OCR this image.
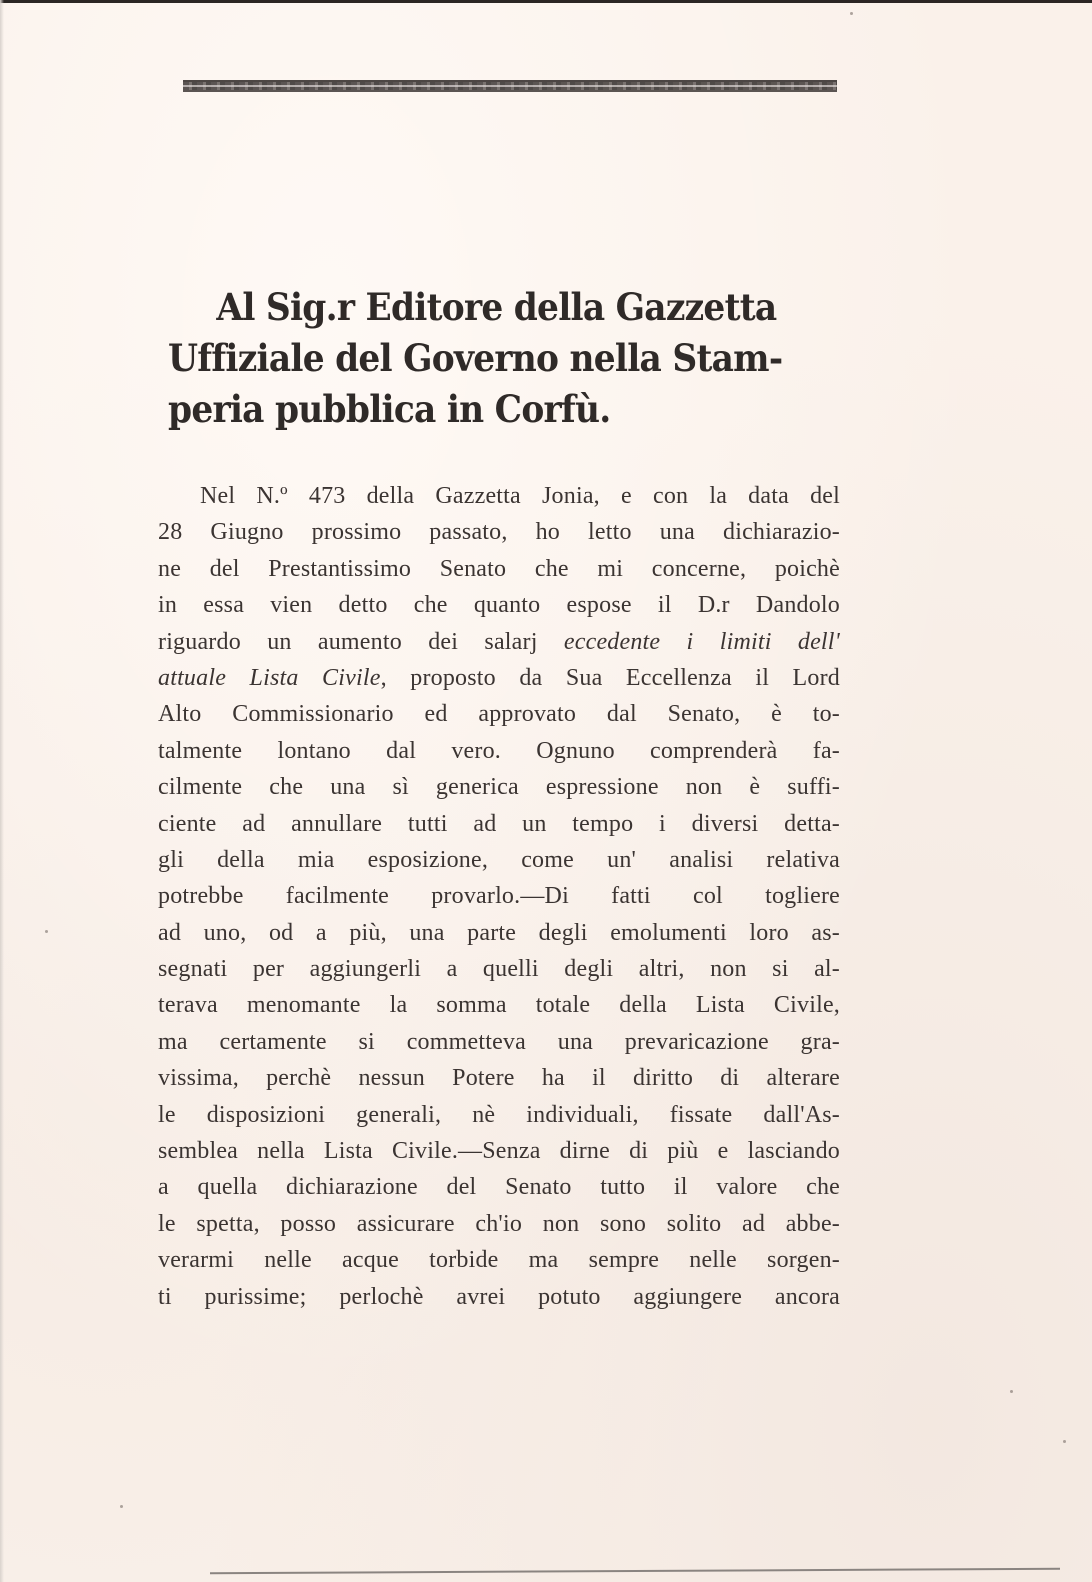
Al Sig.r Editore della Gazzetta
Uffiziale del Governo nella Stam-
peria pubblica in Corfù.
Nel N.º 473 della Gazzetta Jonia, e con la data del
28 Giugno prossimo passato, ho letto una dichiarazio-
ne del Prestantissimo Senato che mi concerne, poichè
in essa vien detto che quanto espose il D.r Dandolo
riguardo un aumento dei salarj eccedente i limiti dell'
attuale Lista Civile, proposto da Sua Eccellenza il Lord
Alto Commissionario ed approvato dal Senato, è to-
talmente lontano dal vero. Ognuno comprenderà fa-
cilmente che una sì generica espressione non è suffi-
ciente ad annullare tutti ad un tempo i diversi detta-
gli della mia esposizione, come un' analisi relativa
potrebbe facilmente provarlo.—Di fatti col togliere
ad uno, od a più, una parte degli emolumenti loro as-
segnati per aggiungerli a quelli degli altri, non si al-
terava menomante la somma totale della Lista Civile,
ma certamente si commetteva una prevaricazione gra-
vissima, perchè nessun Potere ha il diritto di alterare
le disposizioni generali, nè individuali, fissate dall'As-
semblea nella Lista Civile.—Senza dirne di più e lasciando
a quella dichiarazione del Senato tutto il valore che
le spetta, posso assicurare ch'io non sono solito ad abbe-
verarmi nelle acque torbide ma sempre nelle sorgen-
ti purissime; perlochè avrei potuto aggiungere ancora
